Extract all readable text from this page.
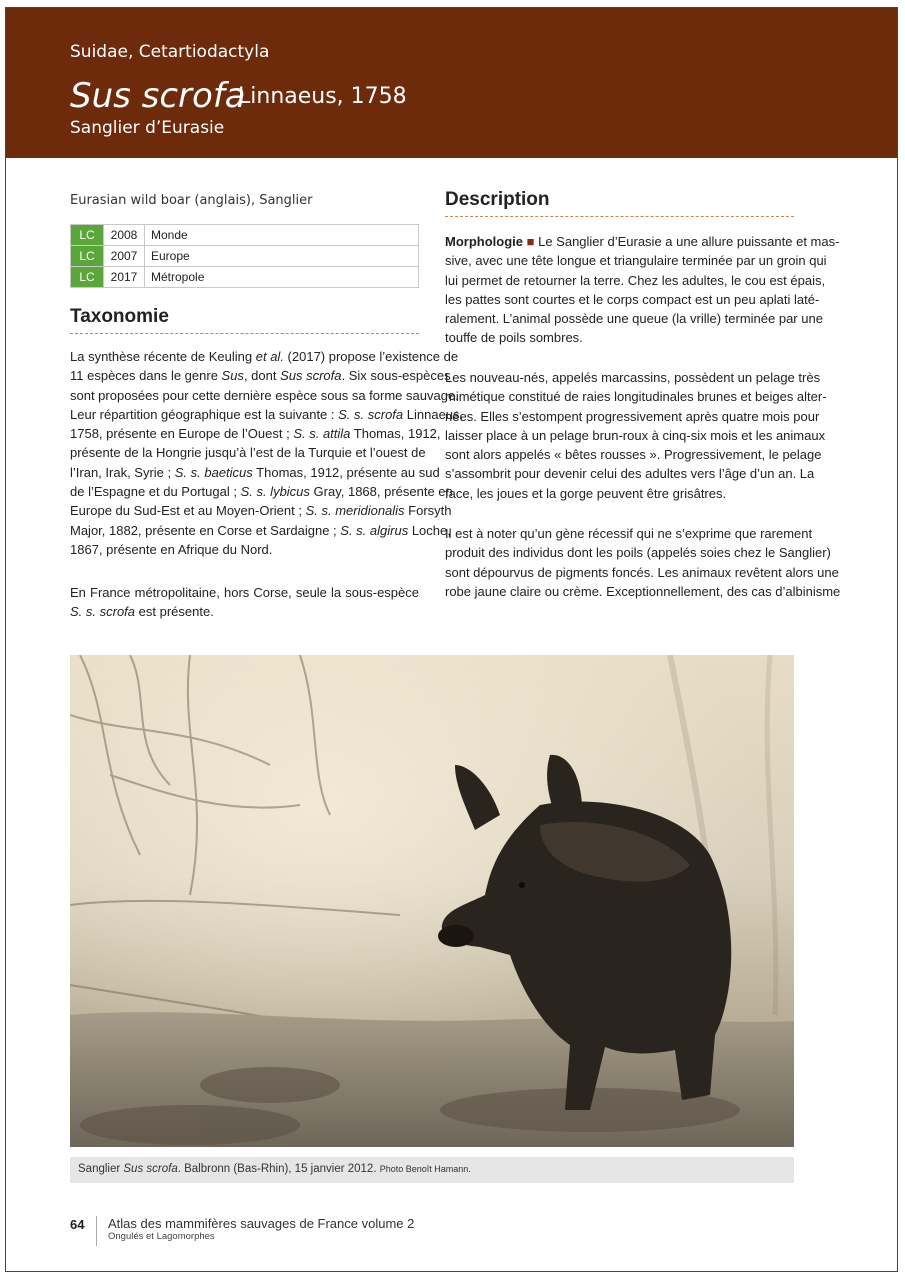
Suidae, Cetartiodactyla
Sus scrofa
Linnaeus, 1758
Sanglier d’Eurasie
Eurasian wild boar (anglais), Sanglier
LC	2008	Monde
LC	2007	Europe
LC	2017	Métropole
Taxonomie
La synthèse récente de Keuling et al. (2017) propose l’existence de
11 espèces dans le genre Sus, dont Sus scrofa. Six sous-espèces
sont proposées pour cette dernière espèce sous sa forme sauvage.
Leur répartition géographique est la suivante : S. s. scrofa Linnaeus,
1758, présente en Europe de l’Ouest ; S. s. attila Thomas, 1912,
présente de la Hongrie jusqu’à l’est de la Turquie et l’ouest de
l’Iran, Irak, Syrie ; S. s. baeticus Thomas, 1912, présente au sud
de l’Espagne et du Portugal ; S. s. lybicus Gray, 1868, présente en
Europe du Sud-Est et au Moyen-Orient ; S. s. meridionalis Forsyth
Major, 1882, présente en Corse et Sardaigne ; S. s. algirus Loche,
1867, présente en Afrique du Nord.
En France métropolitaine, hors Corse, seule la sous-espèce
S. s. scrofa est présente.
Description
Morphologie ■ Le Sanglier d’Eurasie a une allure puissante et mas-
sive, avec une tête longue et triangulaire terminée par un groin qui
lui permet de retourner la terre. Chez les adultes, le cou est épais,
les pattes sont courtes et le corps compact est un peu aplati laté-
ralement. L’animal possède une queue (la vrille) terminée par une
touffe de poils sombres.
Les nouveau-nés, appelés marcassins, possèdent un pelage très
mimétique constitué de raies longitudinales brunes et beiges alter-
nées. Elles s’estompent progressivement après quatre mois pour
laisser place à un pelage brun-roux à cinq-six mois et les animaux
sont alors appelés « bêtes rousses ». Progressivement, le pelage
s’assombrit pour devenir celui des adultes vers l’âge d’un an. La
face, les joues et la gorge peuvent être grisâtres.
Il est à noter qu’un gène récessif qui ne s’exprime que rarement
produit des individus dont les poils (appelés soies chez le Sanglier)
sont dépourvus de pigments foncés. Les animaux revêtent alors une
robe jaune claire ou crème. Exceptionnellement, des cas d’albinisme
Sanglier Sus scrofa. Balbronn (Bas-Rhin), 15 janvier 2012. Photo Benoît Hamann.
64 Atlas des mammifères sauvages de France volume 2
Ongulés et Lagomorphes
